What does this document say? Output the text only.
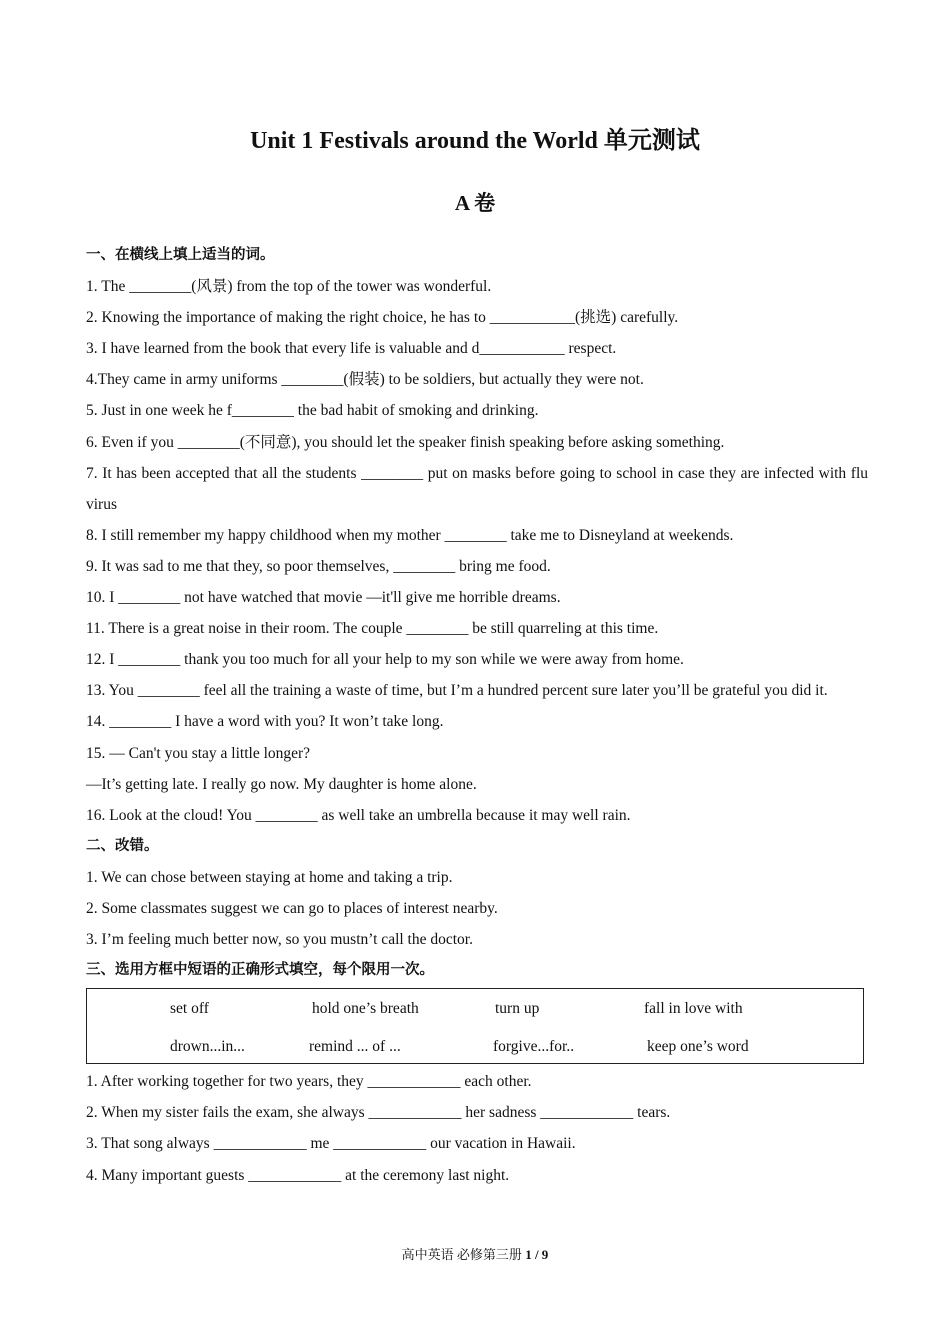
Unit 1 Festivals around the World 单元测试
A 卷
一、在横线上填上适当的词。
1. The ________(风景) from the top of the tower was wonderful.
2. Knowing the importance of making the right choice, he has to ___________(挑选) carefully.
3. I have learned from the book that every life is valuable and d___________ respect.
4.They came in army uniforms ________(假装) to be soldiers, but actually they were not.
5. Just in one week he f________ the bad habit of smoking and drinking.
6. Even if you ________(不同意), you should let the speaker finish speaking before asking something.
7. It has been accepted that all the students ________ put on masks before going to school in case they are infected with flu virus
8. I still remember my happy childhood when my mother ________ take me to Disneyland at weekends.
9. It was sad to me that they, so poor themselves, ________ bring me food.
10. I ________ not have watched that movie —it'll give me horrible dreams.
11. There is a great noise in their room. The couple ________ be still quarreling at this time.
12. I ________ thank you too much for all your help to my son while we were away from home.
13. You ________ feel all the training a waste of time, but I’m a hundred percent sure later you’ll be grateful you did it.
14. ________ I have a word with you? It won’t take long.
15. — Can't you stay a little longer?
—It’s getting late. I really go now. My daughter is home alone.
16. Look at the cloud! You ________ as well take an umbrella because it may well rain.
二、改错。
1. We can chose between staying at home and taking a trip.
2. Some classmates suggest we can go to places of interest nearby.
3. I’m feeling much better now, so you mustn’t call the doctor.
三、选用方框中短语的正确形式填空，每个限用一次。
set off	hold one’s breath	turn up	fall in love with
drown...in...	remind ... of ...	forgive...for..	keep one’s word
1. After working together for two years, they ____________ each other.
2. When my sister fails the exam, she always ____________ her sadness ____________ tears.
3. That song always ____________ me ____________ our vacation in Hawaii.
4. Many important guests ____________ at the ceremony last night.
高中英语 必修第三册 1 / 9
